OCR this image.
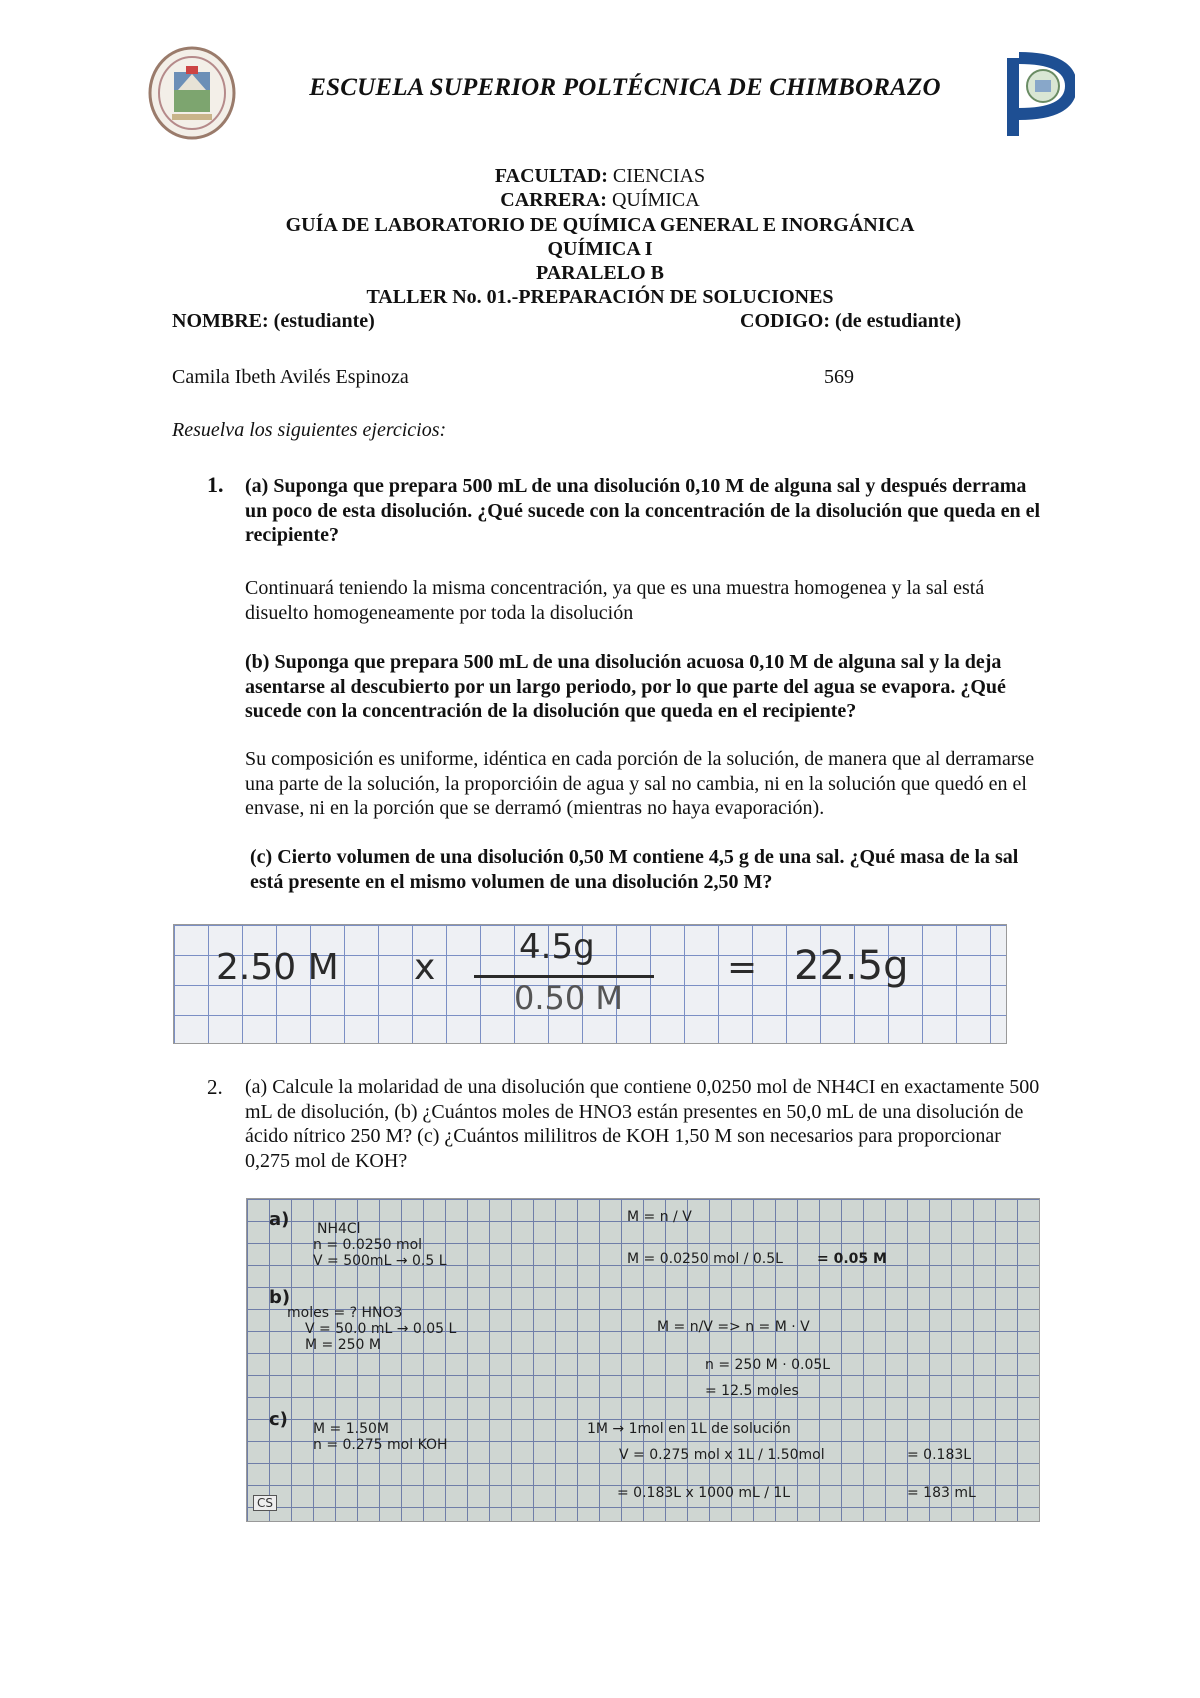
ESCUELA SUPERIOR POLTÉCNICA DE CHIMBORAZO
FACULTAD: CIENCIAS
CARRERA: QUÍMICA
GUÍA DE LABORATORIO DE QUÍMICA GENERAL E INORGÁNICA
QUÍMICA I
PARALELO B
TALLER No. 01.-PREPARACIÓN DE SOLUCIONES
NOMBRE: (estudiante)	CODIGO: (de estudiante)
Camila Ibeth Avilés Espinoza	569
Resuelva los siguientes ejercicios:
1. (a) Suponga que prepara 500 mL de una disolución 0,10 M de alguna sal y después derrama un poco de esta disolución. ¿Qué sucede con la concentración de la disolución que queda en el recipiente?
Continuará teniendo la misma concentración, ya que es una muestra homogenea y la sal está disuelto homogeneamente por toda la disolución
(b) Suponga que prepara 500 mL de una disolución acuosa 0,10 M de alguna sal y la deja asentarse al descubierto por un largo periodo, por lo que parte del agua se evapora. ¿Qué sucede con la concentración de la disolución que queda en el recipiente?
Su composición es uniforme, idéntica en cada porción de la solución, de manera que al derramarse una parte de la solución, la proporcióin de agua y sal no cambia, ni en la solución que quedó en el envase, ni en la porción que se derramó (mientras no haya evaporación).
(c) Cierto volumen de una disolución 0,50 M contiene 4,5 g de una sal. ¿Qué masa de la sal está presente en el mismo volumen de una disolución 2,50 M?
2.50 M x 4.5g
0.50 M
= 22.5g
2. (a) Calcule la molaridad de una disolución que contiene 0,0250 mol de NH4CI en exactamente 500 mL de disolución, (b) ¿Cuántos moles de HNO3 están presentes en 50,0 mL de una disolución de ácido nítrico 250 M? (c) ¿Cuántos mililitros de KOH 1,50 M son necesarios para proporcionar 0,275 mol de KOH?
a) NH4Cl
n = 0.0250 mol
V = 500mL → 0.5 L
M = n / V
M = 0.0250 mol / 0.5L = 0.05 M
b)
moles = ? HNO3
V = 50.0 mL → 0.05 L
M = 250 M
M = n/V => n = M · V
n = 250 M · 0.05L
= 12.5 moles
c) M = 1.50M
n = 0.275 mol KOH
1M → 1mol en 1L de solución
V = 0.275 mol x 1L / 1.50mol	= 0.183L
= 0.183L x 1000 mL / 1L	= 183 mL
CS
